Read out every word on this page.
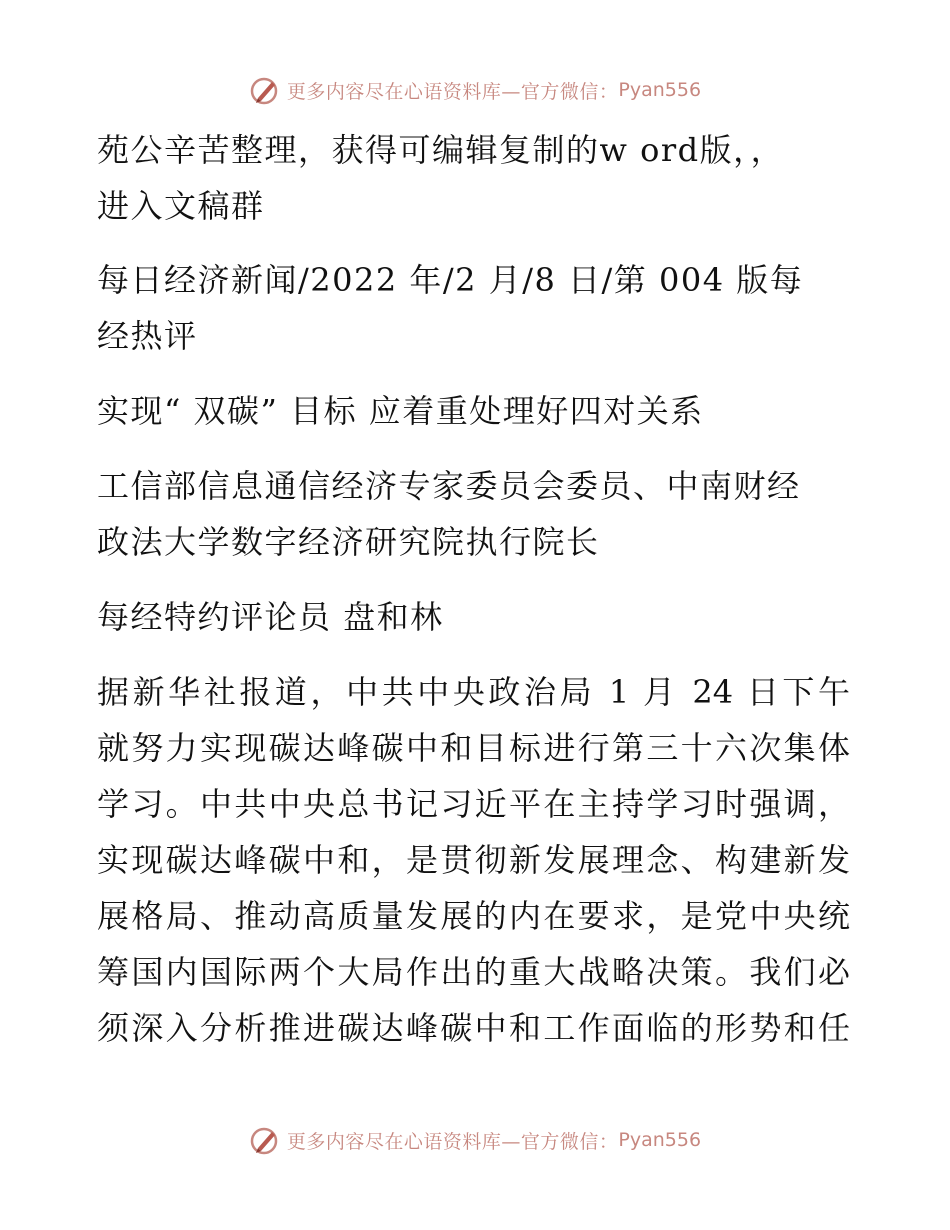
更多内容尽在心语资料库—官方微信： Pyan556
苑公辛苦整理，获得可编辑复制的w ord版，，
进入文稿群
每日经济新闻/2022 年/2 月/8 日/第 004 版每
经热评
实现“ 双碳” 目标 应着重处理好四对关系
工信部信息通信经济专家委员会委员、中南财经
政法大学数字经济研究院执行院长
每经特约评论员 盘和林
据新华社报道，中共中央政治局 1 月 24 日下午
就努力实现碳达峰碳中和目标进行第三十六次集体
学习。中共中央总书记习近平在主持学习时强调，
实现碳达峰碳中和，是贯彻新发展理念、构建新发
展格局、推动高质量发展的内在要求，是党中央统
筹国内国际两个大局作出的重大战略决策。我们必
须深入分析推进碳达峰碳中和工作面临的形势和任
更多内容尽在心语资料库—官方微信： Pyan556
